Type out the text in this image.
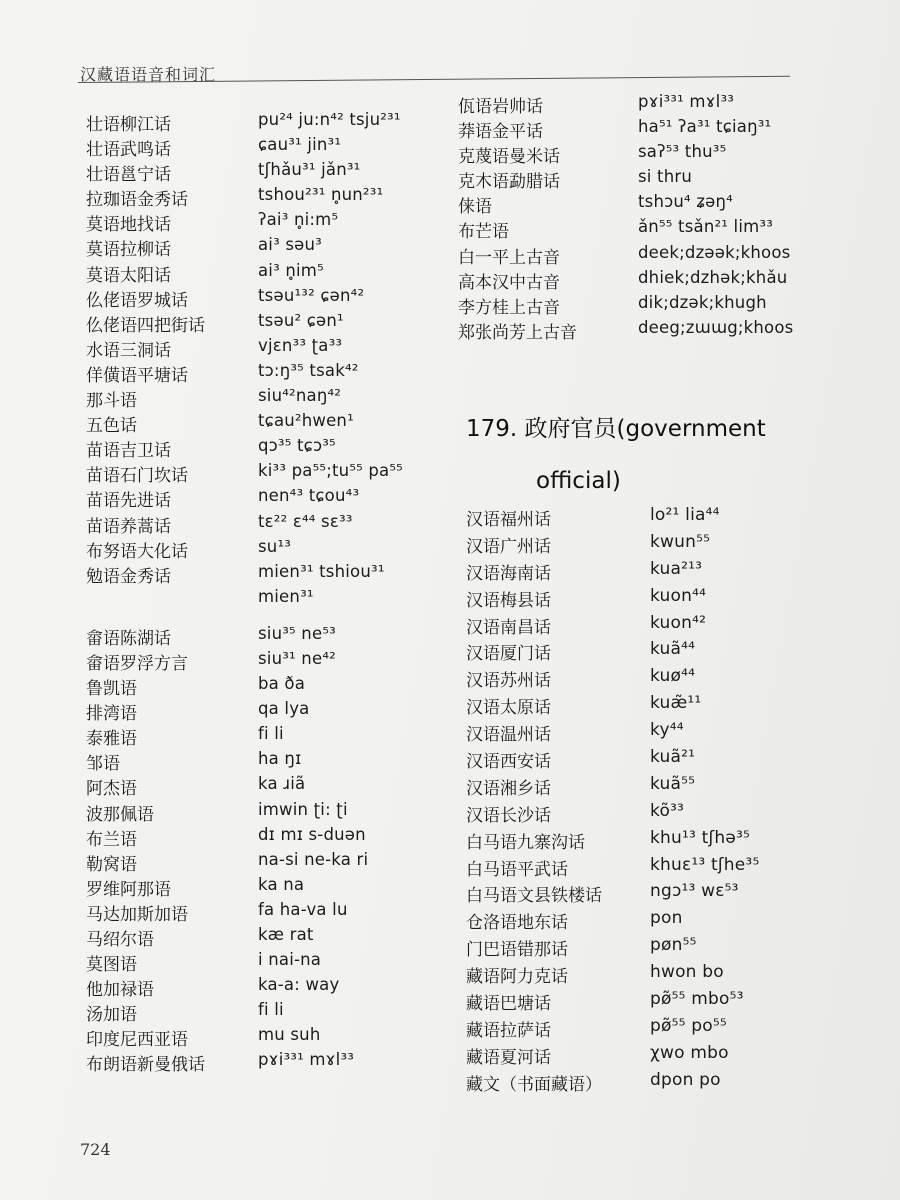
汉藏语语音和词汇
壮语柳江话	pu²⁴ ju:n⁴² tsju²³¹
壮语武鸣话	ɕau³¹ jin³¹
壮语邕宁话	tʃhǎu³¹ jǎn³¹
拉珈语金秀话	tshou²³¹ n̥un²³¹
莫语地找话	ʔai³ n̥i:m⁵
莫语拉柳话	ai³ səu³
莫语太阳话	ai³ n̥im⁵
仫佬语罗城话	tsəu¹³² ɕən⁴²
仫佬语四把街话	tsəu² ɕən¹
水语三洞话	vjɛn³³ ʈa³³
佯僙语平塘话	tɔ:ŋ³⁵ tsak⁴²
那斗语	siu⁴²naŋ⁴²
五色话	tɕau²hwen¹
苗语吉卫话	qɔ³⁵ tɕɔ³⁵
苗语石门坎话	ki³³ pa⁵⁵;tu⁵⁵ pa⁵⁵
苗语先进话	nen⁴³ tɕou⁴³
苗语养蒿话	tɛ²² ɛ⁴⁴ sɛ³³
布努语大化话	su¹³
勉语金秀话	mien³¹ tshiou³¹
mien³¹
畲语陈湖话	siu³⁵ ne⁵³
畲语罗浮方言	siu³¹ ne⁴²
鲁凯语	ba ða
排湾语	qa lya
泰雅语	fi li
邹语	ha ŋɪ
阿杰语	ka ɹiã
波那佩语	imwin ʈi: ʈi
布兰语	dɪ mɪ s-duən
勒窝语	na-si ne-ka ri
罗维阿那语	ka na
马达加斯加语	fa ha-va lu
马绍尔语	kæ rat
莫图语	i nai-na
他加禄语	ka-a: way
汤加语	fi li
印度尼西亚语	mu suh
布朗语新曼俄话	pɤi³³¹ mɤl³³
佤语岩帅话	pɤi³³¹ mɤl³³
莽语金平话	ha⁵¹ ʔa³¹ tɕiaŋ³¹
克蔑语曼米话	saʔ⁵³ thu³⁵
克木语勐腊话	si thru
俫语	tshɔu⁴ ʑəŋ⁴
布芒语	ǎn⁵⁵ tsǎn²¹ lim³³
白一平上古音	deek;dzəək;khoos
高本汉中古音	dhiek;dzhək;khǎu
李方桂上古音	dik;dzək;khugh
郑张尚芳上古音	deeg;zɯɯg;khoos
179. 政府官员(government
official)
汉语福州话	lo²¹ lia⁴⁴
汉语广州话	kwun⁵⁵
汉语海南话	kua²¹³
汉语梅县话	kuon⁴⁴
汉语南昌话	kuon⁴²
汉语厦门话	kuã⁴⁴
汉语苏州话	kuø⁴⁴
汉语太原话	kuæ̃¹¹
汉语温州话	ky⁴⁴
汉语西安话	kuã²¹
汉语湘乡话	kuã⁵⁵
汉语长沙话	kõ³³
白马语九寨沟话	khu¹³ tʃhə³⁵
白马语平武话	khuɛ¹³ tʃhe³⁵
白马语文县铁楼话	ngɔ¹³ wɛ⁵³
仓洛语地东话	pon
门巴语错那话	pøn⁵⁵
藏语阿力克话	hwon bo
藏语巴塘话	pø̃⁵⁵ mbo⁵³
藏语拉萨话	pø̃⁵⁵ po⁵⁵
藏语夏河话	χwo mbo
藏文（书面藏语）	dpon po
724
